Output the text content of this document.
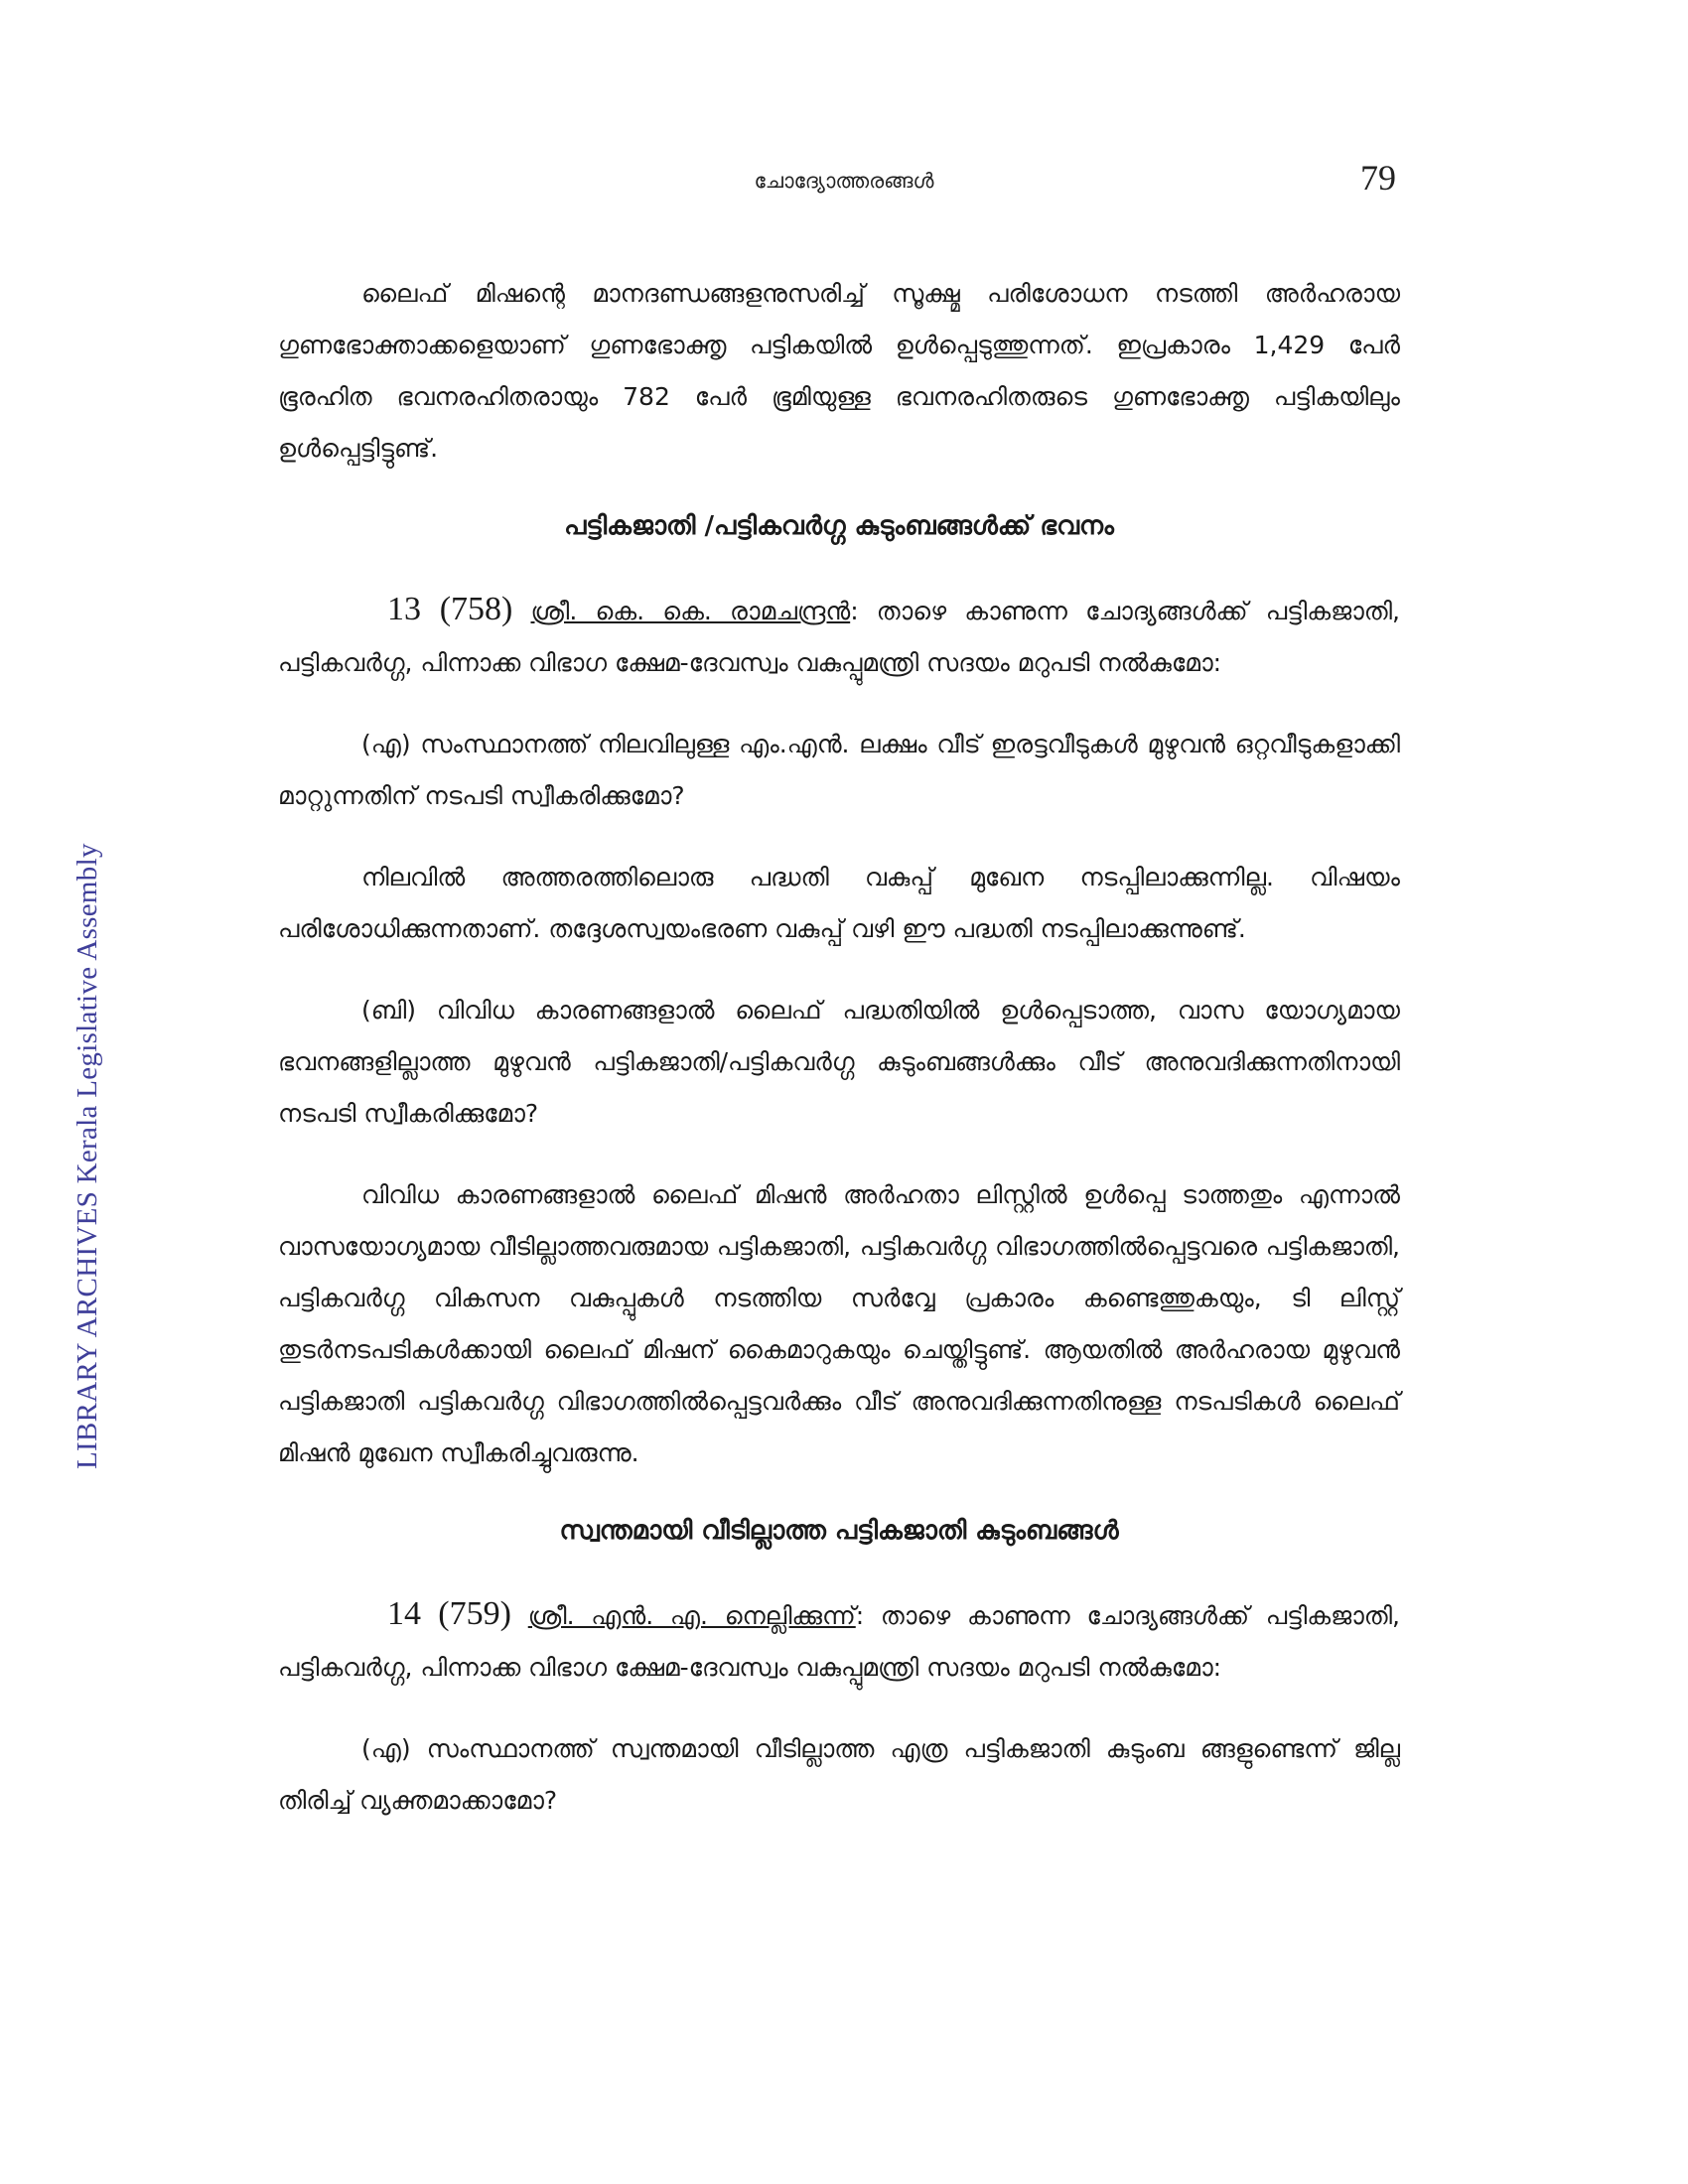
ചോദ്യോത്തരങ്ങൾ	79
LIBRARY ARCHIVES Kerala Legislative Assembly

ലൈഫ് മിഷന്റെ മാനദണ്ഡങ്ങളനുസരിച്ച് സൂക്ഷ്മ പരിശോധന നടത്തി അർഹരായ ഗുണഭോക്താക്കളെയാണ് ഗുണഭോക്തൃ പട്ടികയിൽ ഉൾപ്പെടുത്തുന്നത്. ഇപ്രകാരം 1,429 പേർ ഭൂരഹിത ഭവനരഹിതരായും 782 പേർ ഭൂമിയുള്ള ഭവനരഹിതരുടെ ഗുണഭോക്തൃ പട്ടികയിലും ഉൾപ്പെട്ടിട്ടുണ്ട്.

പട്ടികജാതി /പട്ടികവർഗ്ഗ കുടുംബങ്ങൾക്ക് ഭവനം

13 (758) ശ്രീ. കെ. കെ. രാമചന്ദ്രൻ: താഴെ കാണുന്ന ചോദ്യങ്ങൾക്ക് പട്ടികജാതി, പട്ടികവർഗ്ഗ, പിന്നാക്ക വിഭാഗ ക്ഷേമ-ദേവസ്വം വകുപ്പുമന്ത്രി സദയം മറുപടി നൽകുമോ:

(എ) സംസ്ഥാനത്ത് നിലവിലുള്ള എം.എൻ. ലക്ഷം വീട് ഇരട്ടവീടുകൾ മുഴുവൻ ഒറ്റവീടുകളാക്കി മാറ്റുന്നതിന് നടപടി സ്വീകരിക്കുമോ?

നിലവിൽ അത്തരത്തിലൊരു പദ്ധതി വകുപ്പ് മുഖേന നടപ്പിലാക്കുന്നില്ല. വിഷയം പരിശോധിക്കുന്നതാണ്. തദ്ദേശസ്വയംഭരണ വകുപ്പ് വഴി ഈ പദ്ധതി നടപ്പിലാക്കുന്നുണ്ട്.

(ബി) വിവിധ കാരണങ്ങളാൽ ലൈഫ് പദ്ധതിയിൽ ഉൾപ്പെടാത്ത, വാസ യോഗ്യമായ ഭവനങ്ങളില്ലാത്ത മുഴുവൻ പട്ടികജാതി/പട്ടികവർഗ്ഗ കുടുംബങ്ങൾക്കും വീട് അനുവദിക്കുന്നതിനായി നടപടി സ്വീകരിക്കുമോ?

വിവിധ കാരണങ്ങളാൽ ലൈഫ് മിഷൻ അർഹതാ ലിസ്റ്റിൽ ഉൾപ്പെ ടാത്തതും എന്നാൽ വാസയോഗ്യമായ വീടില്ലാത്തവരുമായ പട്ടികജാതി, പട്ടികവർഗ്ഗ വിഭാഗത്തിൽപ്പെട്ടവരെ പട്ടികജാതി, പട്ടികവർഗ്ഗ വികസന വകുപ്പുകൾ നടത്തിയ സർവ്വേ പ്രകാരം കണ്ടെത്തുകയും, ടി ലിസ്റ്റ് തുടർനടപടികൾക്കായി ലൈഫ് മിഷന് കൈമാറുകയും ചെയ്തിട്ടുണ്ട്. ആയതിൽ അർഹരായ മുഴുവൻ പട്ടികജാതി പട്ടികവർഗ്ഗ വിഭാഗത്തിൽപ്പെട്ടവർക്കും വീട് അനുവദിക്കുന്നതിനുള്ള നടപടികൾ ലൈഫ് മിഷൻ മുഖേന സ്വീകരിച്ചുവരുന്നു.

സ്വന്തമായി വീടില്ലാത്ത പട്ടികജാതി കുടുംബങ്ങൾ

14 (759) ശ്രീ. എൻ. എ. നെല്ലിക്കുന്ന്: താഴെ കാണുന്ന ചോദ്യങ്ങൾക്ക് പട്ടികജാതി, പട്ടികവർഗ്ഗ, പിന്നാക്ക വിഭാഗ ക്ഷേമ-ദേവസ്വം വകുപ്പുമന്ത്രി സദയം മറുപടി നൽകുമോ:

(എ) സംസ്ഥാനത്ത് സ്വന്തമായി വീടില്ലാത്ത എത്ര പട്ടികജാതി കുടുംബ ങ്ങളുണ്ടെന്ന് ജില്ല തിരിച്ച് വ്യക്തമാക്കാമോ?
